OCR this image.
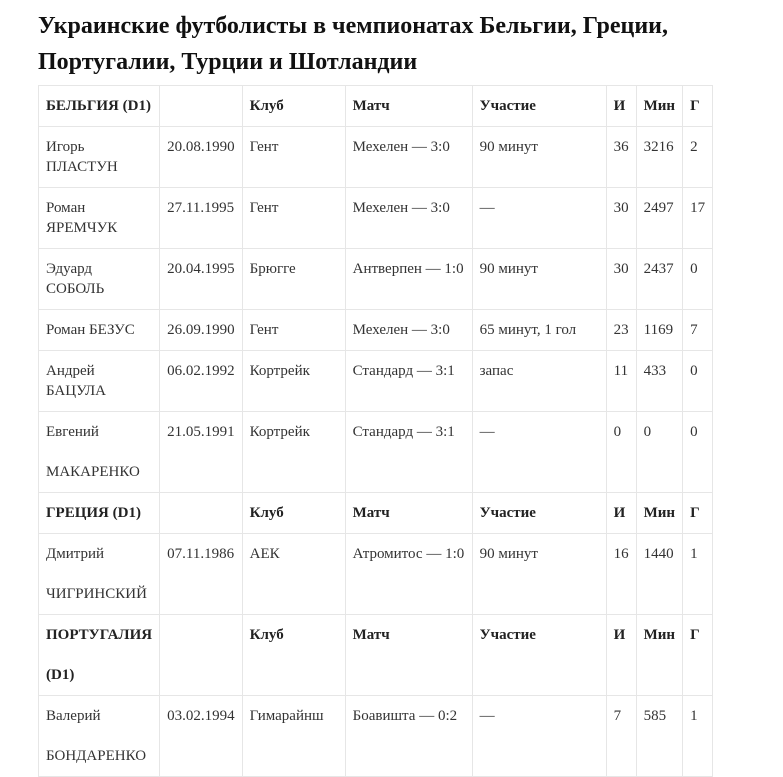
Украинские футболисты в чемпионатах Бельгии, Греции, Португалии, Турции и Шотландии
БЕЛЬГИЯ (D1)		Клуб	Матч	Участие	И	Мин	Г
Игорь ПЛАСТУН	20.08.1990	Гент	Мехелен — 3:0	90 минут	36	3216	2
Роман ЯРЕМЧУК	27.11.1995	Гент	Мехелен — 3:0	—	30	2497	17
Эдуард СОБОЛЬ	20.04.1995	Брюгге	Антверпен — 1:0	90 минут	30	2437	0
Роман БЕЗУС	26.09.1990	Гент	Мехелен — 3:0	65 минут, 1 гол	23	1169	7
Андрей БАЦУЛА	06.02.1992	Кортрейк	Стандард — 3:1	запас	11	433	0
Евгений МАКАРЕНКО	21.05.1991	Кортрейк	Стандард — 3:1	—	0	0	0
ГРЕЦИЯ (D1)		Клуб	Матч	Участие	И	Мин	Г
Дмитрий ЧИГРИНСКИЙ	07.11.1986	АЕК	Атромитос — 1:0	90 минут	16	1440	1
ПОРТУГАЛИЯ (D1)		Клуб	Матч	Участие	И	Мин	Г
Валерий БОНДАРЕНКО	03.02.1994	Гимарайнш	Боавишта — 0:2	—	7	585	1
